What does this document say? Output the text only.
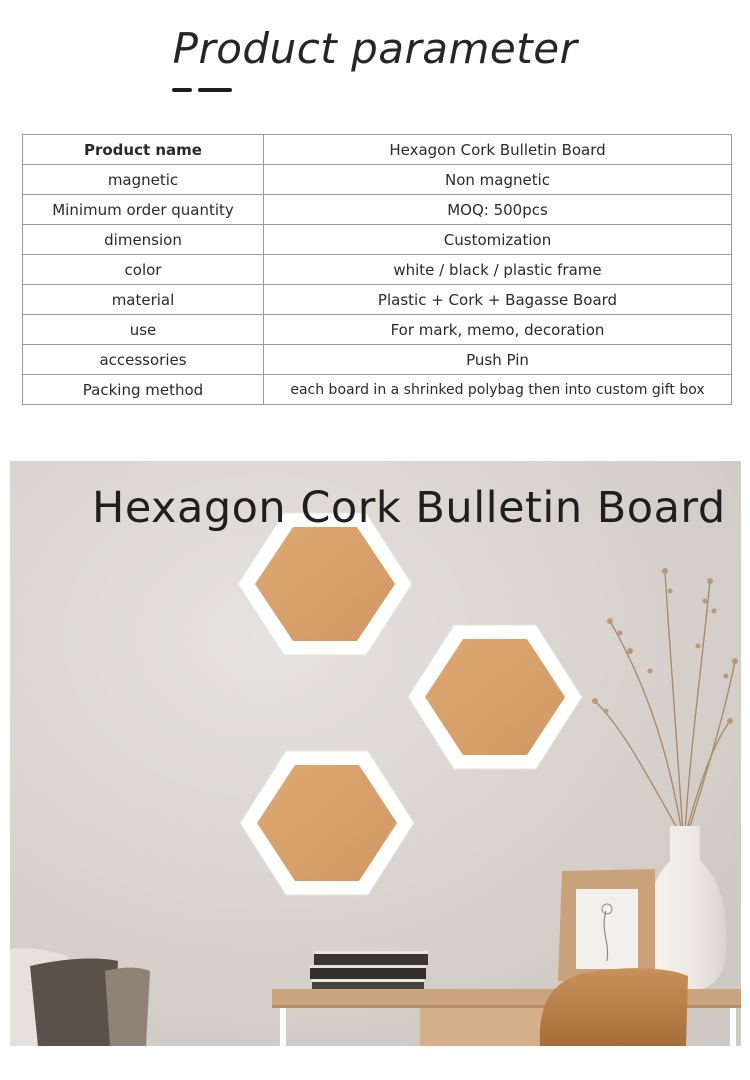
Product parameter
Product name	Hexagon Cork Bulletin Board
magnetic	Non magnetic
Minimum order quantity	MOQ: 500pcs
dimension	Customization
color	white / black / plastic frame
material	Plastic + Cork + Bagasse Board
use	For mark, memo, decoration
accessories	Push Pin
Packing method	each board in a shrinked polybag then into custom gift box
Hexagon Cork Bulletin Board
